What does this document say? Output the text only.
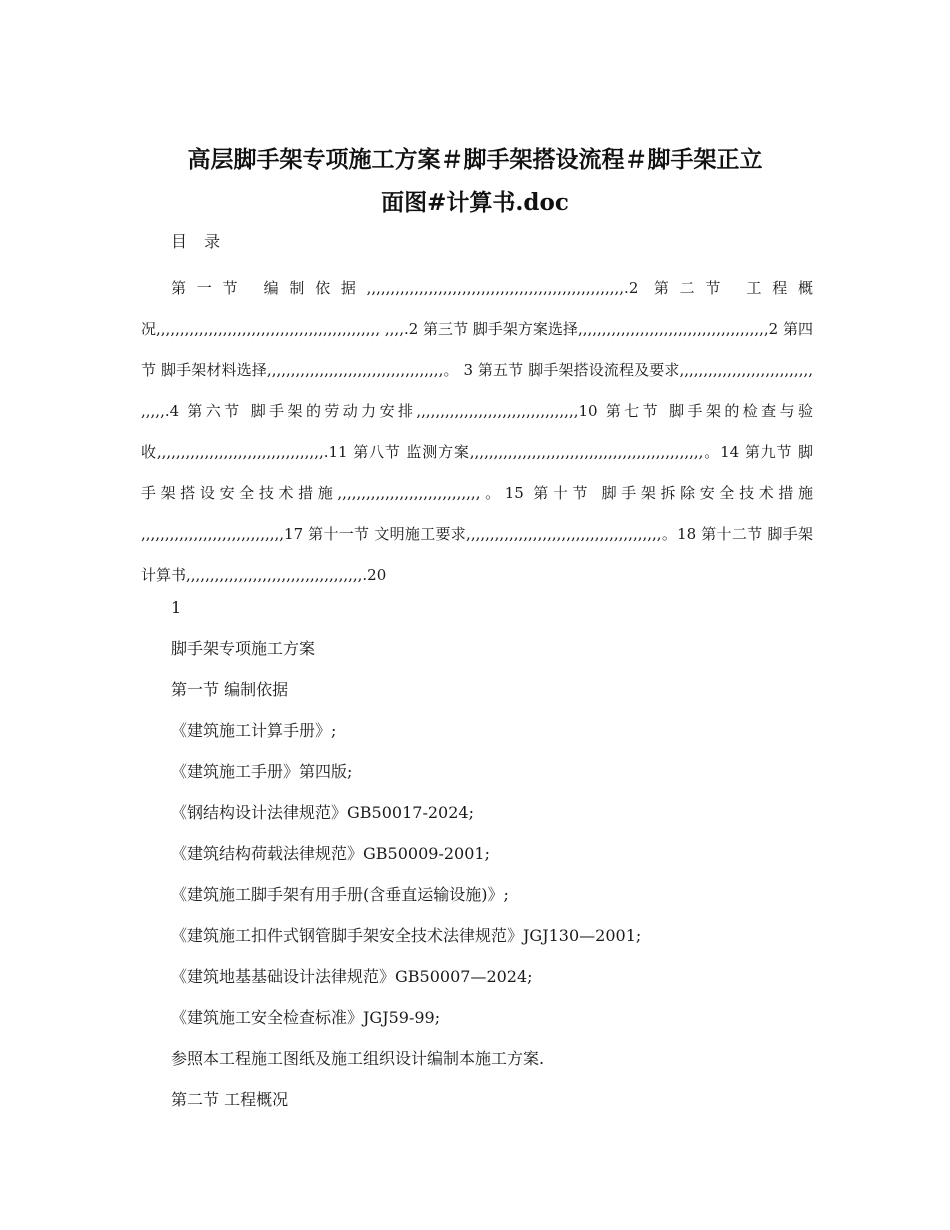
高层脚手架专项施工方案＃脚手架搭设流程＃脚手架正立
面图#计算书.doc
目 录

第一节 编制依据,,,,,,,,,,,,,,,,,,,,,,,,,,,,,,,,,,,,,,,,,,,,,,,,,,,,,,.2 第二节 工程概况,,,,,,,,,,,,,,,,,,,,,,,,,,,,,,,,,,,,,,,,,,,,,,, ,,,,.2 第三节 脚手架方案选择,,,,,,,,,,,,,,,,,,,,,,,,,,,,,,,,,,,,,,,,2 第四节 脚手架材料选择,,,,,,,,,,,,,,,,,,,,,,,,,,,,,,,,,,,,,。 3 第五节 脚手架搭设流程及要求,,,,,,,,,,,,,,,,,,,,,,,,,,,, ,,,,,.4 第六节 脚手架的劳动力安排,,,,,,,,,,,,,,,,,,,,,,,,,,,,,,,,,,10 第七节 脚手架的检查与验收,,,,,,,,,,,,,,,,,,,,,,,,,,,,,,,,,,,.11 第八节 监测方案,,,,,,,,,,,,,,,,,,,,,,,,,,,,,,,,,,,,,,,,,,,,,,,,,。14 第九节 脚手架搭设安全技术措施,,,,,,,,,,,,,,,,,,,,,,,,,,,,,,。15 第十节 脚手架拆除安全技术措施 ,,,,,,,,,,,,,,,,,,,,,,,,,,,,,,17 第十一节 文明施工要求,,,,,,,,,,,,,,,,,,,,,,,,,,,,,,,,,,,,,,,,,。18 第十二节 脚手架计算书,,,,,,,,,,,,,,,,,,,,,,,,,,,,,,,,,,,,,.20

1

脚手架专项施工方案

第一节 编制依据

《建筑施工计算手册》;

《建筑施工手册》第四版;

《钢结构设计法律规范》GB50017-2024;

《建筑结构荷载法律规范》GB50009-2001;

《建筑施工脚手架有用手册(含垂直运输设施)》;

《建筑施工扣件式钢管脚手架安全技术法律规范》JGJ130—2001;

《建筑地基基础设计法律规范》GB50007—2024;

《建筑施工安全检查标准》JGJ59-99;

参照本工程施工图纸及施工组织设计编制本施工方案.

第二节 工程概况
